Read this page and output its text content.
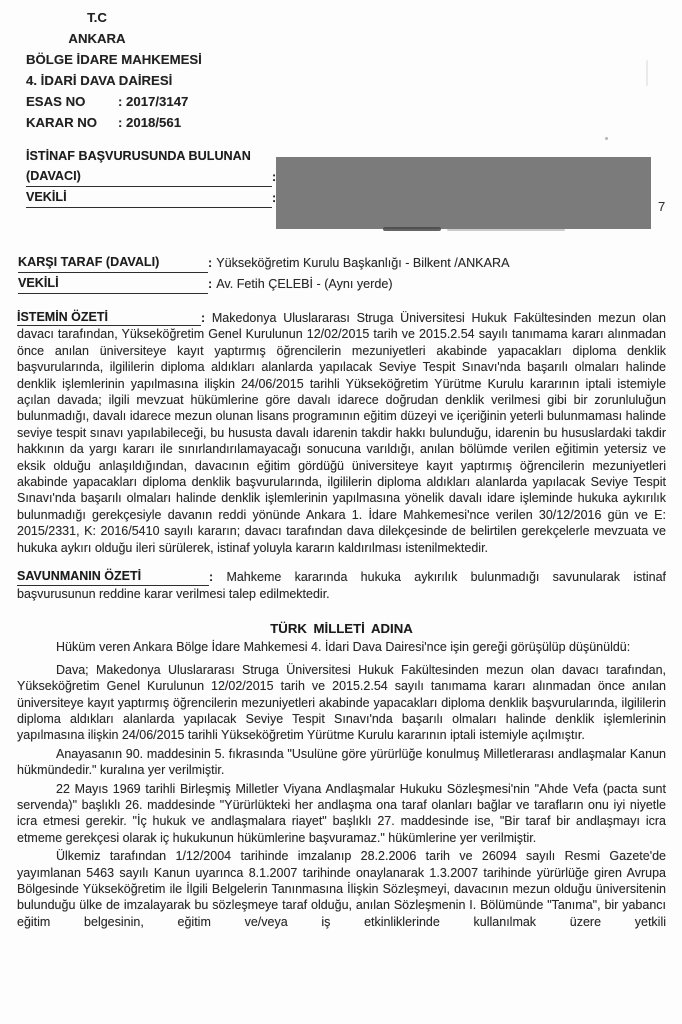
T.C
ANKARA
BÖLGE İDARE MAHKEMESİ
4. İDARİ DAVA DAİRESİ
ESAS NO	: 2017/3147
KARAR NO	: 2018/561
İSTİNAF BAŞVURUSUNDA BULUNAN
(DAVACI)	:
VEKİLİ	:
KARŞI TARAF (DAVALI)	: Yükseköğretim Kurulu Başkanlığı - Bilkent /ANKARA
VEKİLİ	: Av. Fetih ÇELEBİ - (Aynı yerde)

İSTEMİN ÖZETİ	: Makedonya Uluslararası Struga Üniversitesi Hukuk Fakültesinden mezun olan davacı tarafından, Yükseköğretim Genel Kurulunun 12/02/2015 tarih ve 2015.2.54 sayılı tanımama kararı alınmadan önce anılan üniversiteye kayıt yaptırmış öğrencilerin mezuniyetleri akabinde yapacakları diploma denklik başvurularında, ilgililerin diploma aldıkları alanlarda yapılacak Seviye Tespit Sınavı'nda başarılı olmaları halinde denklik işlemlerinin yapılmasına ilişkin 24/06/2015 tarihli Yükseköğretim Yürütme Kurulu kararının iptali istemiyle açılan davada; ilgili mevzuat hükümlerine göre davalı idarece doğrudan denklik verilmesi gibi bir zorunluluğun bulunmadığı, davalı idarece mezun olunan lisans programının eğitim düzeyi ve içeriğinin yeterli bulunmaması halinde seviye tespit sınavı yapılabileceği, bu hususta davalı idarenin takdir hakkı bulunduğu, idarenin bu hususlardaki takdir hakkının da yargı kararı ile sınırlandırılamayacağı sonucuna varıldığı, anılan bölümde verilen eğitimin yetersiz ve eksik olduğu anlaşıldığından, davacının eğitim gördüğü üniversiteye kayıt yaptırmış öğrencilerin mezuniyetleri akabinde yapacakları diploma denklik başvurularında, ilgililerin diploma aldıkları alanlarda yapılacak Seviye Tespit Sınavı'nda başarılı olmaları halinde denklik işlemlerinin yapılmasına yönelik davalı idare işleminde hukuka aykırılık bulunmadığı gerekçesiyle davanın reddi yönünde Ankara 1. İdare Mahkemesi'nce verilen 30/12/2016 gün ve E: 2015/2331, K: 2016/5410 sayılı kararın; davacı tarafından dava dilekçesinde de belirtilen gerekçelerle mevzuata ve hukuka aykırı olduğu ileri sürülerek, istinaf yoluyla kararın kaldırılması istenilmektedir.

SAVUNMANIN ÖZETİ	: Mahkeme kararında hukuka aykırılık bulunmadığı savunularak istinaf başvurusunun reddine karar verilmesi talep edilmektedir.

TÜRK MİLLETİ ADINA

Hüküm veren Ankara Bölge İdare Mahkemesi 4. İdari Dava Dairesi'nce işin gereği görüşülüp düşünüldü:

Dava; Makedonya Uluslararası Struga Üniversitesi Hukuk Fakültesinden mezun olan davacı tarafından, Yükseköğretim Genel Kurulunun 12/02/2015 tarih ve 2015.2.54 sayılı tanımama kararı alınmadan önce anılan üniversiteye kayıt yaptırmış öğrencilerin mezuniyetleri akabinde yapacakları diploma denklik başvurularında, ilgililerin diploma aldıkları alanlarda yapılacak Seviye Tespit Sınavı'nda başarılı olmaları halinde denklik işlemlerinin yapılmasına ilişkin 24/06/2015 tarihli Yükseköğretim Yürütme Kurulu kararının iptali istemiyle açılmıştır.

Anayasanın 90. maddesinin 5. fıkrasında "Usulüne göre yürürlüğe konulmuş Milletlerarası andlaşmalar Kanun hükmündedir." kuralına yer verilmiştir.

22 Mayıs 1969 tarihli Birleşmiş Milletler Viyana Andlaşmalar Hukuku Sözleşmesi'nin "Ahde Vefa (pacta sunt servenda)" başlıklı 26. maddesinde "Yürürlükteki her andlaşma ona taraf olanları bağlar ve tarafların onu iyi niyetle icra etmesi gerekir. "İç hukuk ve andlaşmalara riayet" başlıklı 27. maddesinde ise, "Bir taraf bir andlaşmayı icra etmeme gerekçesi olarak iç hukukunun hükümlerine başvuramaz." hükümlerine yer verilmiştir.

Ülkemiz tarafından 1/12/2004 tarihinde imzalanıp 28.2.2006 tarih ve 26094 sayılı Resmi Gazete'de yayımlanan 5463 sayılı Kanun uyarınca 8.1.2007 tarihinde onaylanarak 1.3.2007 tarihinde yürürlüğe giren Avrupa Bölgesinde Yükseköğretim ile İlgili Belgelerin Tanınmasına İlişkin Sözleşmeyi, davacının mezun olduğu üniversitenin bulunduğu ülke de imzalayarak bu sözleşmeye taraf olduğu, anılan Sözleşmenin I. Bölümünde "Tanıma", bir yabancı eğitim belgesinin, eğitim ve/veya iş etkinliklerinde kullanılmak üzere yetkili

7
